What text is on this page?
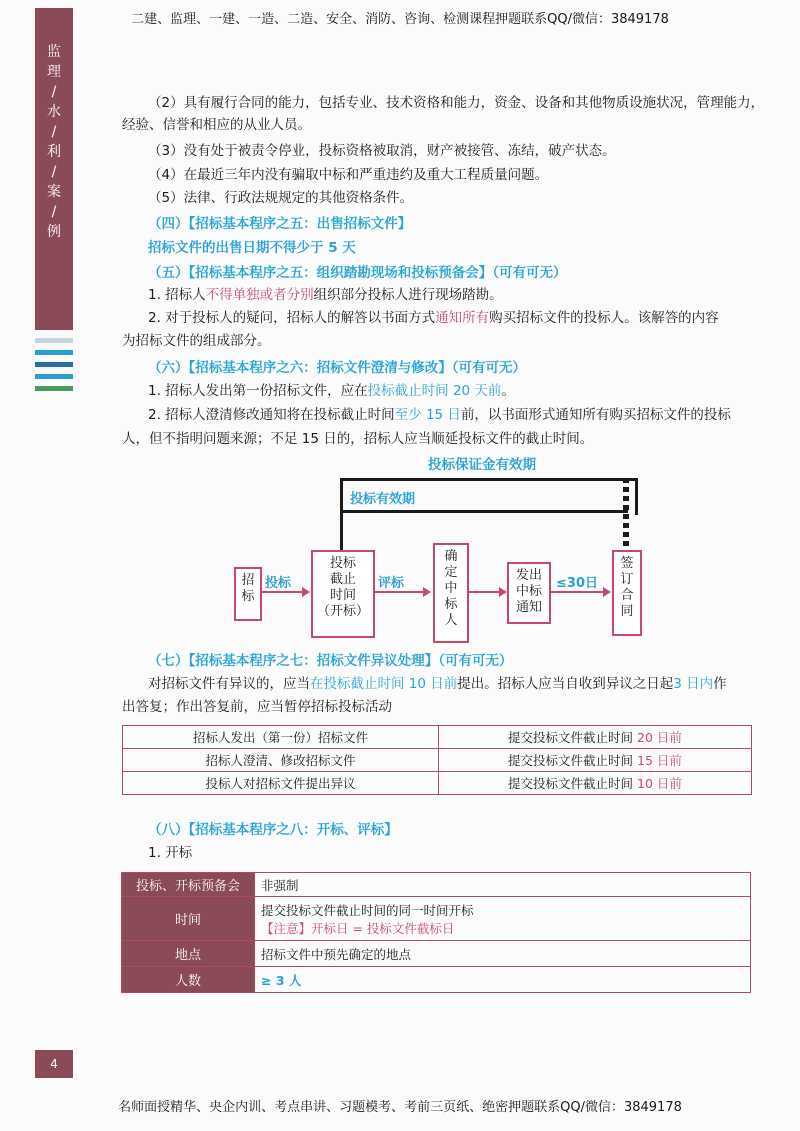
二建、监理、一建、一造、二造、安全、消防、咨询、检测课程押题联系QQ/微信：3849178
监
理
/
水
/
利
/
案
/
例
（2）具有履行合同的能力，包括专业、技术资格和能力，资金、设备和其他物质设施状况，管理能力，
经验、信誉和相应的从业人员。
（3）没有处于被责令停业，投标资格被取消，财产被接管、冻结，破产状态。
（4）在最近三年内没有骗取中标和严重违约及重大工程质量问题。
（5）法律、行政法规规定的其他资格条件。
（四）【招标基本程序之五：出售招标文件】
招标文件的出售日期不得少于 5 天
（五）【招标基本程序之五：组织踏勘现场和投标预备会】（可有可无）
1. 招标人不得单独或者分别组织部分投标人进行现场踏勘。
2. 对于投标人的疑问，招标人的解答以书面方式通知所有购买招标文件的投标人。该解答的内容
为招标文件的组成部分。
（六）【招标基本程序之六：招标文件澄清与修改】（可有可无）
1. 招标人发出第一份招标文件，应在投标截止时间 20 天前。
2. 招标人澄清修改通知将在投标截止时间至少 15 日前，以书面形式通知所有购买招标文件的投标
人，但不指明问题来源；不足 15 日的，招标人应当顺延投标文件的截止时间。
投标保证金有效期
投标有效期
招
标
投标
截止
时间
（开标）
确
定
中
标
人
发出
中标
通知
签
订
合
同
投标	评标	≤30日
（七）【招标基本程序之七：招标文件异议处理】（可有可无）
对招标文件有异议的，应当在投标截止时间 10 日前提出。招标人应当自收到异议之日起3 日内作
出答复；作出答复前，应当暂停招标投标活动
招标人发出（第一份）招标文件	提交投标文件截止时间 20 日前
招标人澄清、修改招标文件	提交投标文件截止时间 15 日前
投标人对招标文件提出异议	提交投标文件截止时间 10 日前
（八）【招标基本程序之八：开标、评标】
1. 开标
投标、开标预备会	非强制
时间	提交投标文件截止时间的同一时间开标
【注意】开标日 = 投标文件截标日

地点	招标文件中预先确定的地点
人数	≥ 3 人
4
名师面授精华、央企内训、考点串讲、习题模考、考前三页纸、绝密押题联系QQ/微信：3849178
